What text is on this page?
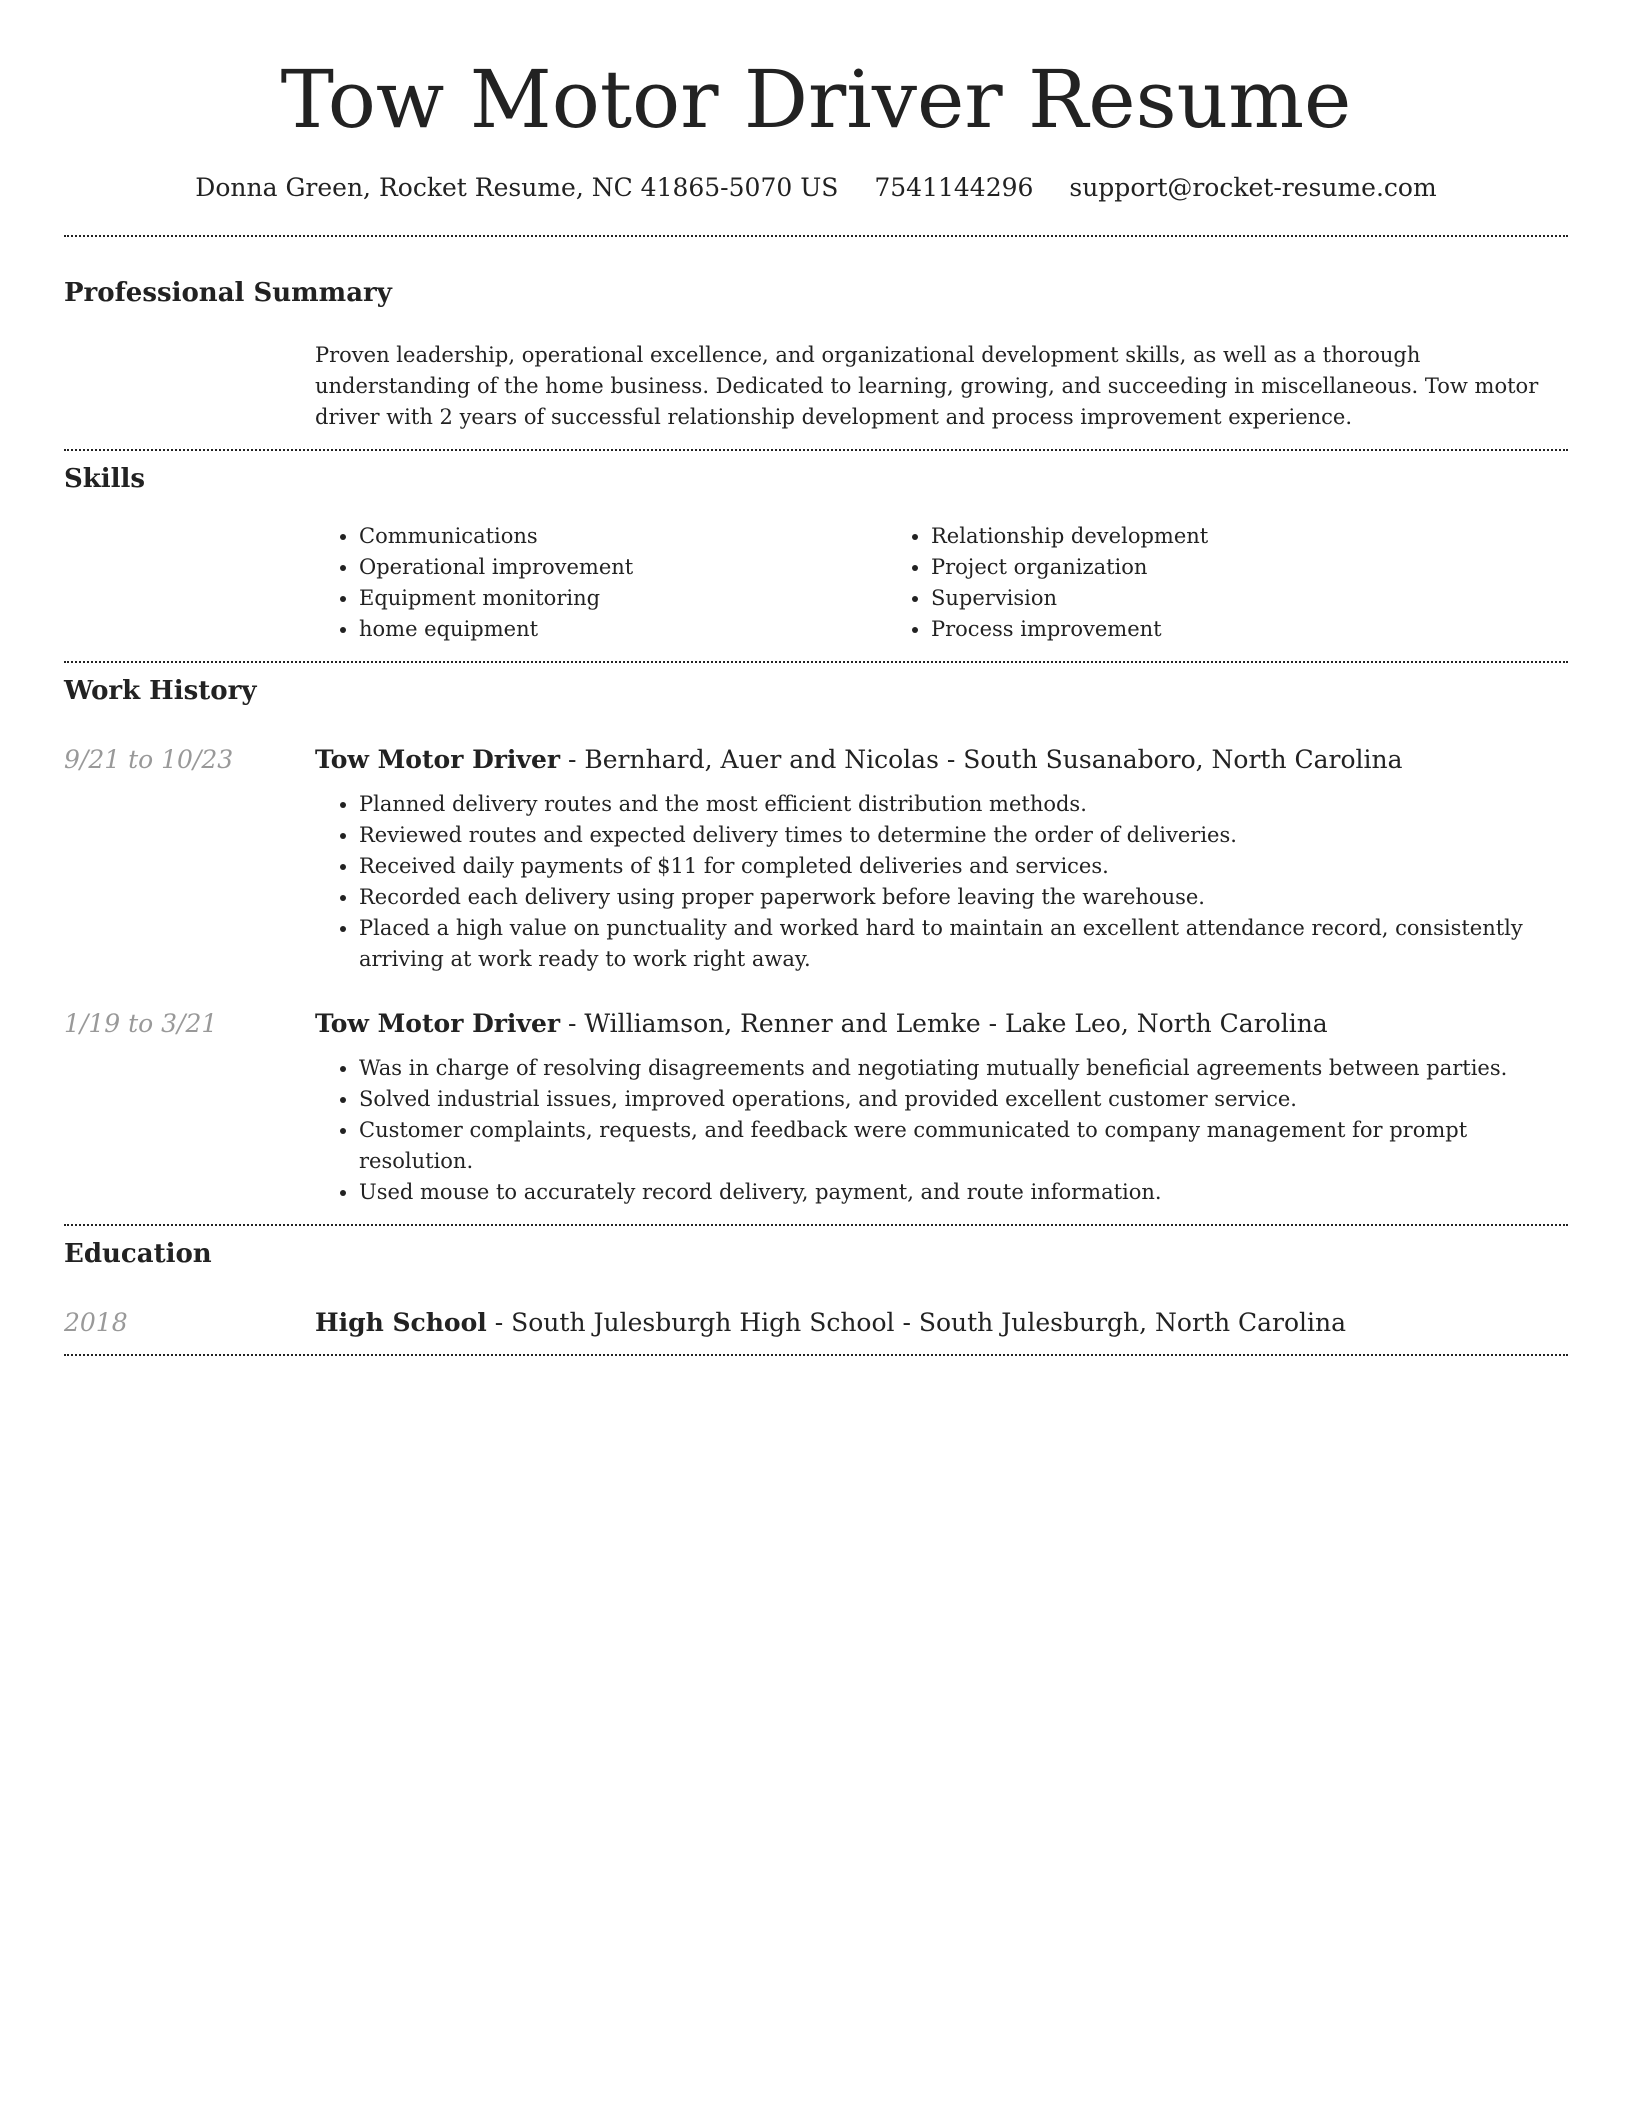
Tow Motor Driver Resume
Donna Green, Rocket Resume, NC 41865-5070 US 7541144296 support@rocket-resume.com
Professional Summary
Proven leadership, operational excellence, and organizational development skills, as well as a thorough understanding of the home business. Dedicated to learning, growing, and succeeding in miscellaneous. Tow motor driver with 2 years of successful relationship development and process improvement experience.
Skills
• Communications
• Operational improvement
• Equipment monitoring
• home equipment
• Relationship development
• Project organization
• Supervision
• Process improvement
Work History
9/21 to 10/23	Tow Motor Driver - Bernhard, Auer and Nicolas - South Susanaboro, North Carolina
• Planned delivery routes and the most efficient distribution methods.
• Reviewed routes and expected delivery times to determine the order of deliveries.
• Received daily payments of $11 for completed deliveries and services.
• Recorded each delivery using proper paperwork before leaving the warehouse.
• Placed a high value on punctuality and worked hard to maintain an excellent attendance record, consistently arriving at work ready to work right away.
1/19 to 3/21	Tow Motor Driver - Williamson, Renner and Lemke - Lake Leo, North Carolina
• Was in charge of resolving disagreements and negotiating mutually beneficial agreements between parties.
• Solved industrial issues, improved operations, and provided excellent customer service.
• Customer complaints, requests, and feedback were communicated to company management for prompt resolution.
• Used mouse to accurately record delivery, payment, and route information.
Education
2018	High School - South Julesburgh High School - South Julesburgh, North Carolina
